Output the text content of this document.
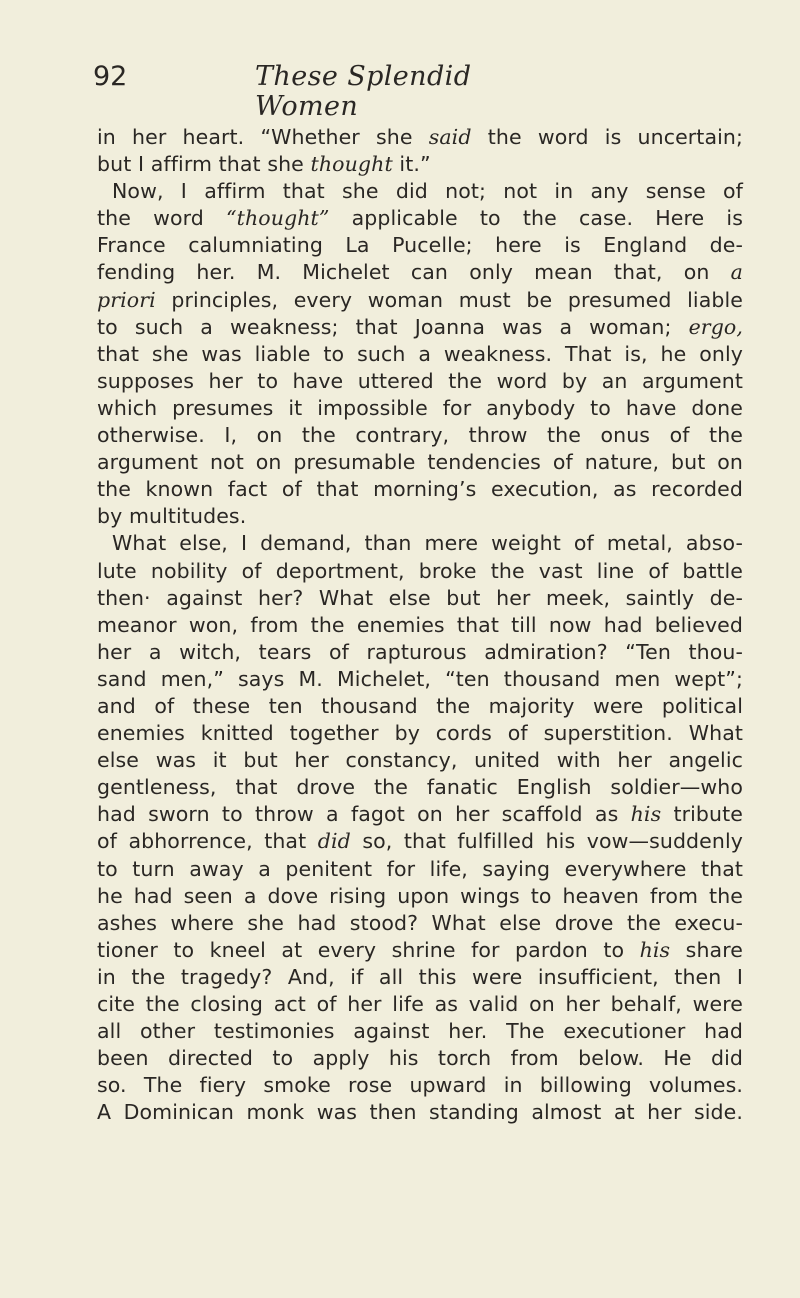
92	These Splendid Women
in her heart. “Whether she said the word is uncertain;
but I affirm that she thought it.”
Now, I affirm that she did not; not in any sense of
the word “thought” applicable to the case. Here is
France calumniating La Pucelle; here is England de-
fending her. M. Michelet can only mean that, on a
priori principles, every woman must be presumed liable
to such a weakness; that Joanna was a woman; ergo,
that she was liable to such a weakness. That is, he only
supposes her to have uttered the word by an argument
which presumes it impossible for anybody to have done
otherwise. I, on the contrary, throw the onus of the
argument not on presumable tendencies of nature, but on
the known fact of that morning’s execution, as recorded
by multitudes.
What else, I demand, than mere weight of metal, abso-
lute nobility of deportment, broke the vast line of battle
then· against her? What else but her meek, saintly de-
meanor won, from the enemies that till now had believed
her a witch, tears of rapturous admiration? “Ten thou-
sand men,” says M. Michelet, “ten thousand men wept”;
and of these ten thousand the majority were political
enemies knitted together by cords of superstition. What
else was it but her constancy, united with her angelic
gentleness, that drove the fanatic English soldier—who
had sworn to throw a fagot on her scaffold as his tribute
of abhorrence, that did so, that fulfilled his vow—suddenly
to turn away a penitent for life, saying everywhere that
he had seen a dove rising upon wings to heaven from the
ashes where she had stood? What else drove the execu-
tioner to kneel at every shrine for pardon to his share
in the tragedy? And, if all this were insufficient, then I
cite the closing act of her life as valid on her behalf, were
all other testimonies against her. The executioner had
been directed to apply his torch from below. He did
so. The fiery smoke rose upward in billowing volumes.
A Dominican monk was then standing almost at her side.
